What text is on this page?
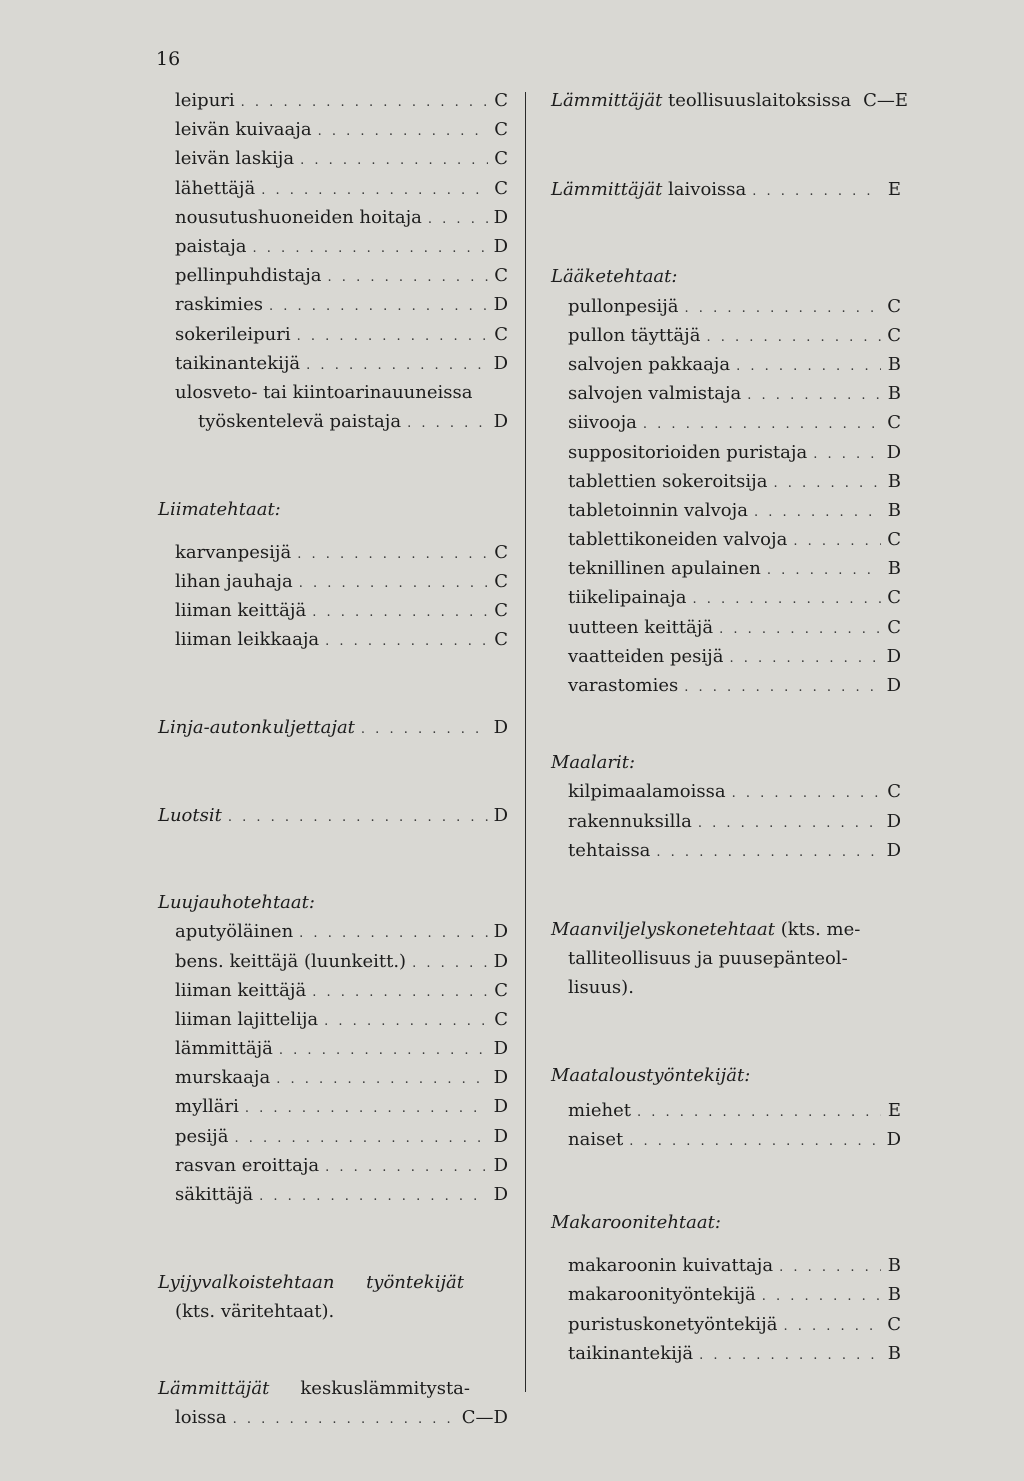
16
leipuri . . .	C
leivän kuivaaja . . .	C
leivän laskija . . .	C
lähettäjä . . .	C
nousutushuoneiden hoitaja . . .	D
paistaja . . .	D
pellinpuhdistaja . . .	C
raskimies . . .	D
sokerileipuri . . .	C
taikinantekijä . . .	D
ulosveto- tai kiintoarinauuneissa
työskentelevä paistaja . . .	D
Liimatehtaat:
karvanpesijä . . .	C
lihan jauhaja . . .	C
liiman keittäjä . . .	C
liiman leikkaaja . . .	C
Linja-autonkuljettajat . . .	D
Luotsit . . .	D
Luujauhotehtaat:
aputyöläinen . . .	D
bens. keittäjä (luunkeitt.) . . .	D
liiman keittäjä . . .	C
liiman lajittelija . . .	C
lämmittäjä . . .	D
murskaaja . . .	D
mylläri . . .	D
pesijä . . .	D
rasvan eroittaja . . .	D
säkittäjä . . .	D
Lyijyvalkoistehtaan työntekijät
(kts. väritehtaat).
Lämmittäjät keskuslämmitysta-
loissa . . .	C—D
Lämmittäjät teollisuuslaitoksissa C—E
Lämmittäjät laivoissa . . .	E
Lääketehtaat:
pullonpesijä . . .	C
pullon täyttäjä . . .	C
salvojen pakkaaja . . .	B
salvojen valmistaja . . .	B
siivooja . . .	C
suppositorioiden puristaja . . .	D
tablettien sokeroitsija . . .	B
tabletoinnin valvoja . . .	B
tablettikoneiden valvoja . . .	C
teknillinen apulainen . . .	B
tiikelipainaja . . .	C
uutteen keittäjä . . .	C
vaatteiden pesijä . . .	D
varastomies . . .	D
Maalarit:
kilpimaalamoissa . . .	C
rakennuksilla . . .	D
tehtaissa . . .	D
Maanviljelyskonetehtaat (kts. me-
talliteollisuus ja puusepänteol-
lisuus).
Maataloustyöntekijät:
miehet . . .	E
naiset . . .	D
Makaroonitehtaat:
makaroonin kuivattaja . . .	B
makaroonityöntekijä . . .	B
puristuskonetyöntekijä . . .	C
taikinantekijä . . .	B
